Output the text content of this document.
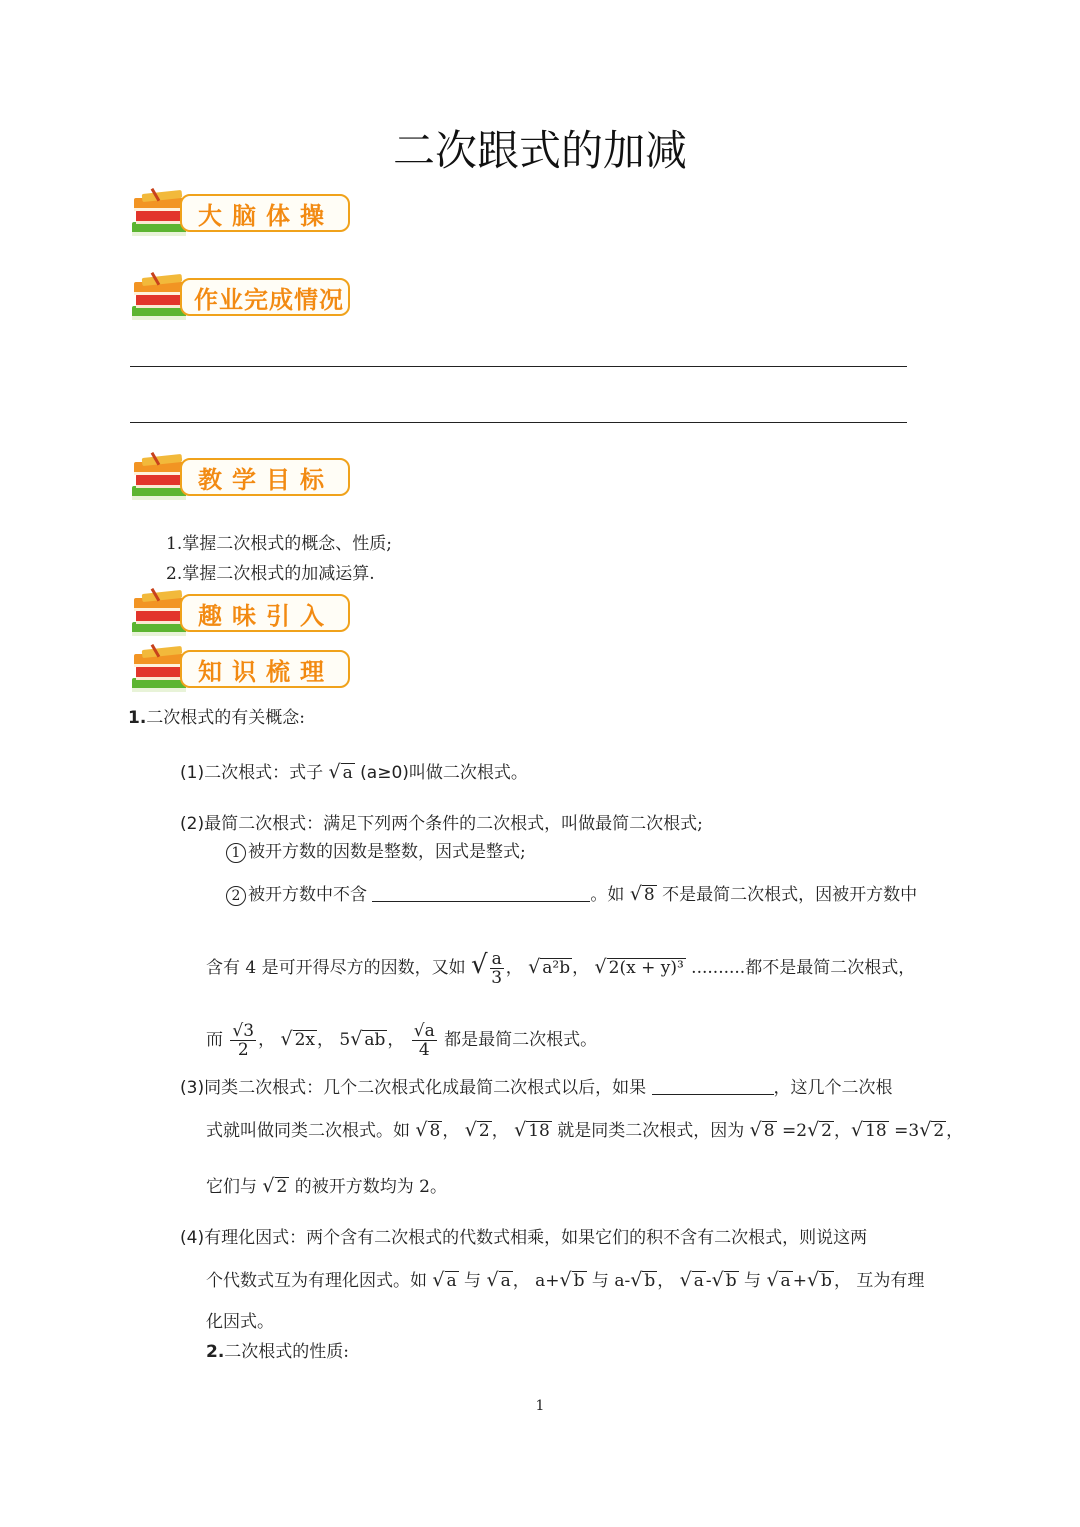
二次跟式的加减
大脑体操
作业完成情况
教学目标
1.掌握二次根式的概念、性质;
2.掌握二次根式的加减运算.
趣味引入
知识梳理
1.二次根式的有关概念:
(1)二次根式：式子 √ a (a≥0)叫做二次根式。
(2)最简二次根式：满足下列两个条件的二次根式，叫做最简二次根式;
1 被开方数的因数是整数，因式是整式;
2 被开方数中不含	。如 √ 8 不是最简二次根式，因被开方数中
含有 4 是可开得尽方的因数，又如 √ $\frac{a}{3}$ ， √ a²b ， √ 2(x + y)³ ..........都不是最简二次根式，
而 $\frac{√3}{2}$ ， √ 2x ， 5√ ab ， $\frac{√a}{4}$ 都是最简二次根式。
(3)同类二次根式：几个二次根式化成最简二次根式以后，如果	，这几个二次根
式就叫做同类二次根式。如 √ 8 ， √ 2 ， √ 18 就是同类二次根式，因为 √ 8 =2√ 2 ，√ 18 =3√ 2 ，
它们与 √ 2 的被开方数均为 2。
(4)有理化因式：两个含有二次根式的代数式相乘，如果它们的积不含有二次根式，则说这两
个代数式互为有理化因式。如 √ a 与 √ a ， a+√ b 与 a-√ b ， √ a -√ b 与 √ a +√ b ， 互为有理
化因式。
2.二次根式的性质:
1
